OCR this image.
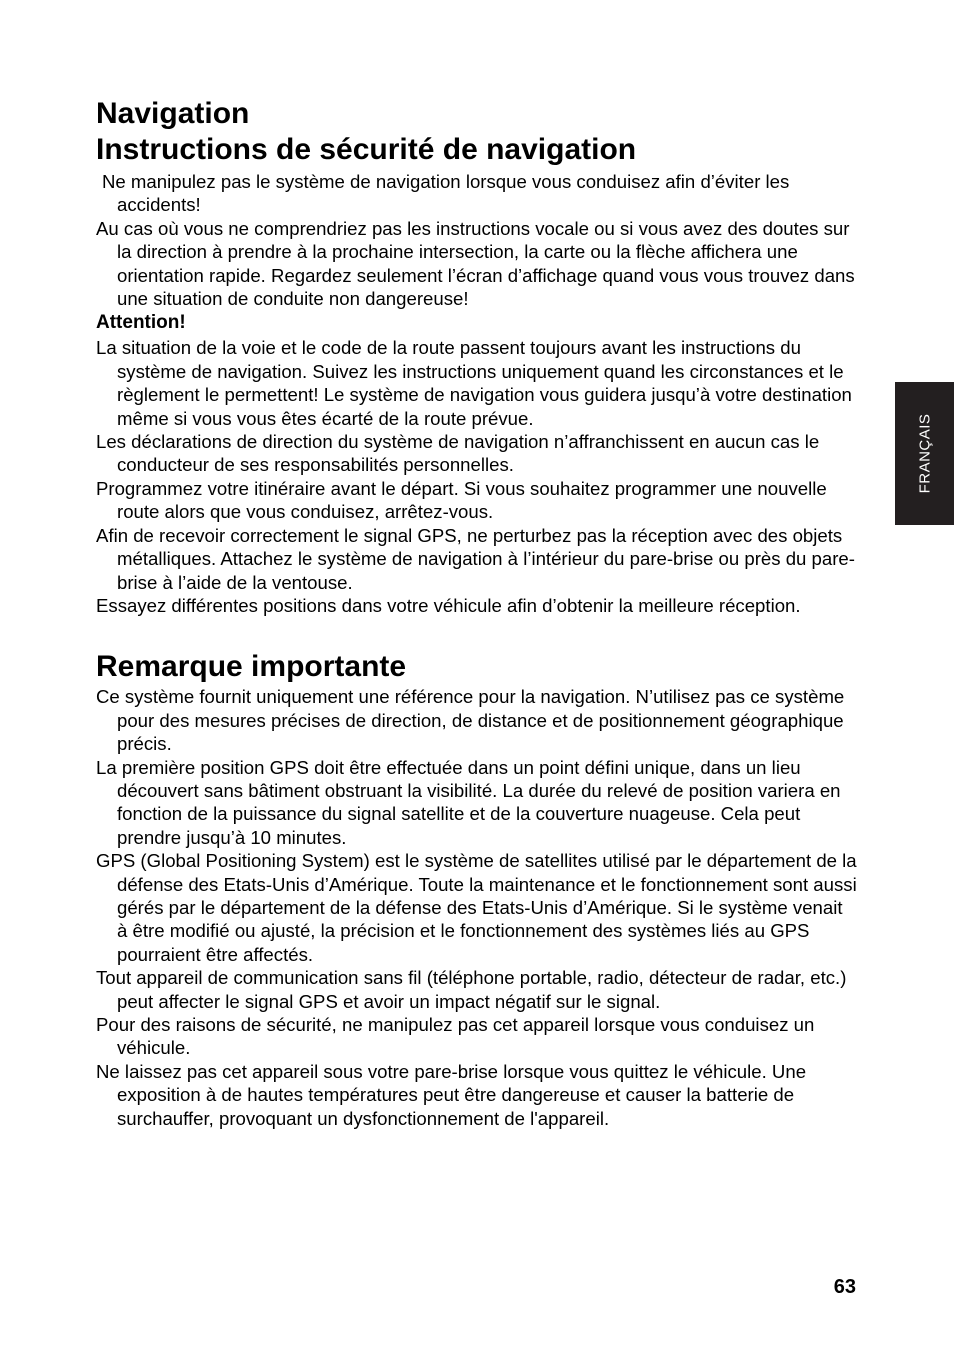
Navigation
Instructions de sécurité de navigation

Ne manipulez pas le système de navigation lorsque vous conduisez afin d’éviter les accidents!

Au cas où vous ne comprendriez pas les instructions vocale ou si vous avez des doutes sur la direction à prendre à la prochaine intersection, la carte ou la flèche affichera une orientation rapide. Regardez seulement l’écran d’affichage quand vous vous trouvez dans une situation de conduite non dangereuse!

Attention!

La situation de la voie et le code de la route passent toujours avant les instructions du système de navigation. Suivez les instructions uniquement quand les circonstances et le règlement le permettent! Le système de navigation vous guidera jusqu’à votre destination même si vous vous êtes écarté de la route prévue.

Les déclarations de direction du système de navigation n’affranchissent en aucun cas le conducteur de ses responsabilités personnelles.

Programmez votre itinéraire avant le départ. Si vous souhaitez programmer une nouvelle route alors que vous conduisez, arrêtez-vous.

Afin de recevoir correctement le signal GPS, ne perturbez pas la réception avec des objets métalliques. Attachez le système de navigation à l’intérieur du pare-brise ou près du pare-brise à l’aide de la ventouse.

Essayez différentes positions dans votre véhicule afin d’obtenir la meilleure réception.

Remarque importante

Ce système fournit uniquement une référence pour la navigation. N’utilisez pas ce système pour des mesures précises de direction, de distance et de positionnement géographique précis.

La première position GPS doit être effectuée dans un point défini unique, dans un lieu découvert sans bâtiment obstruant la visibilité. La durée du relevé de position variera en fonction de la puissance du signal satellite et de la couverture nuageuse. Cela peut prendre jusqu’à 10 minutes.

GPS (Global Positioning System) est le système de satellites utilisé par le département de la défense des Etats-Unis d’Amérique. Toute la maintenance et le fonctionnement sont aussi gérés par le département de la défense des Etats-Unis d’Amérique. Si le système venait à être modifié ou ajusté, la précision et le fonctionnement des systèmes liés au GPS pourraient être affectés.

Tout appareil de communication sans fil (téléphone portable, radio, détecteur de radar, etc.) peut affecter le signal GPS et avoir un impact négatif sur le signal.

Pour des raisons de sécurité, ne manipulez pas cet appareil lorsque vous conduisez un véhicule.

Ne laissez pas cet appareil sous votre pare-brise lorsque vous quittez le véhicule. Une exposition à de hautes températures peut être dangereuse et causer la batterie de surchauffer, provoquant un dysfonctionnement de l'appareil.

FRANÇAIS
63
